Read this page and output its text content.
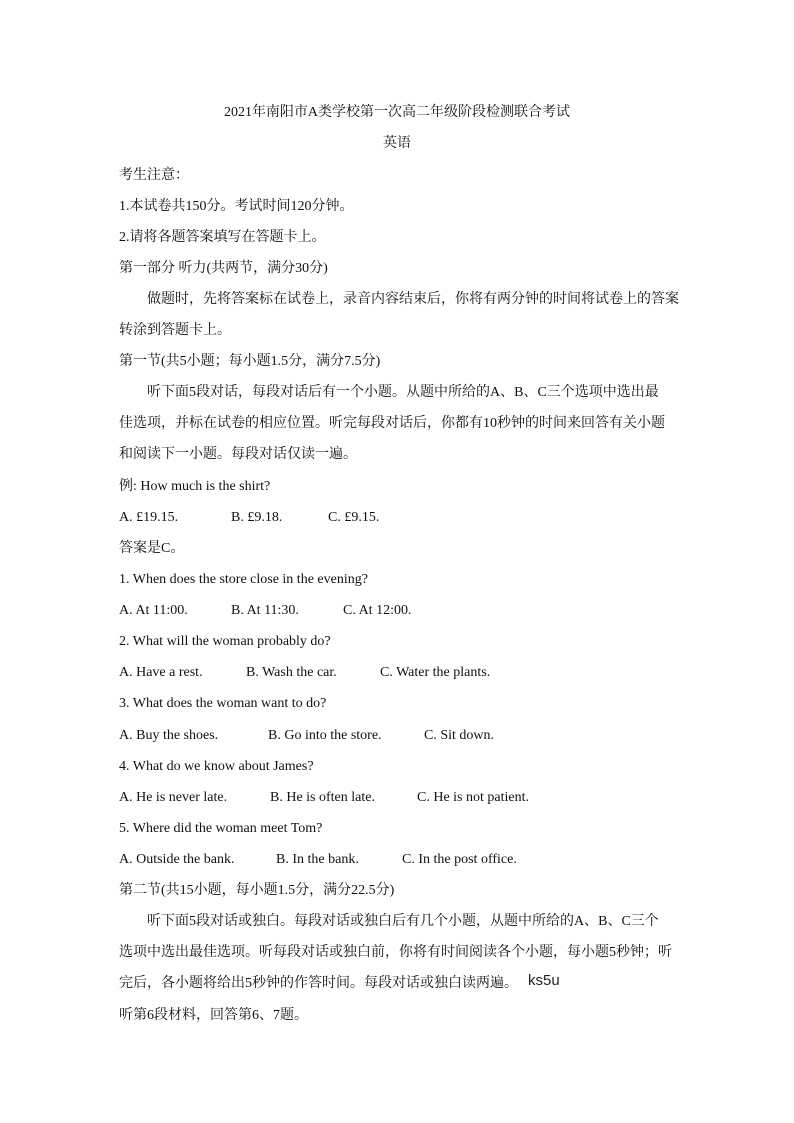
2021年南阳市A类学校第一次高二年级阶段检测联合考试
英语
考生注意：
1.本试卷共150分。考试时间120分钟。
2.请将各题答案填写在答题卡上。
第一部分 听力(共两节，满分30分)
做题时，先将答案标在试卷上，录音内容结束后，你将有两分钟的时间将试卷上的答案
转涂到答题卡上。
第一节(共5小题；每小题1.5分，满分7.5分)
听下面5段对话，每段对话后有一个小题。从题中所给的A、B、C三个选项中选出最
佳选项，并标在试卷的相应位置。听完每段对话后，你都有10秒钟的时间来回答有关小题
和阅读下一小题。每段对话仅读一遍。
例: How much is the shirt?
A. £19.15.	B. £9.18.	C. £9.15.
答案是C。
1. When does the store close in the evening?
A. At 11:00.	B. At 11:30.	C. At 12:00.
2. What will the woman probably do?
A. Have a rest.	B. Wash the car.	C. Water the plants.
3. What does the woman want to do?
A. Buy the shoes.	B. Go into the store.	C. Sit down.
4. What do we know about James?
A. He is never late.	B. He is often late.	C. He is not patient.
5. Where did the woman meet Tom?
A. Outside the bank.	B. In the bank.	C. In the post office.
第二节(共15小题，每小题1.5分，满分22.5分)
听下面5段对话或独白。每段对话或独白后有几个小题，从题中所给的A、B、C三个
选项中选出最佳选项。听每段对话或独白前，你将有时间阅读各个小题，每小题5秒钟；听
完后，各小题将给出5秒钟的作答时间。每段对话或独白读两遍。 ks5u
听第6段材料，回答第6、7题。
